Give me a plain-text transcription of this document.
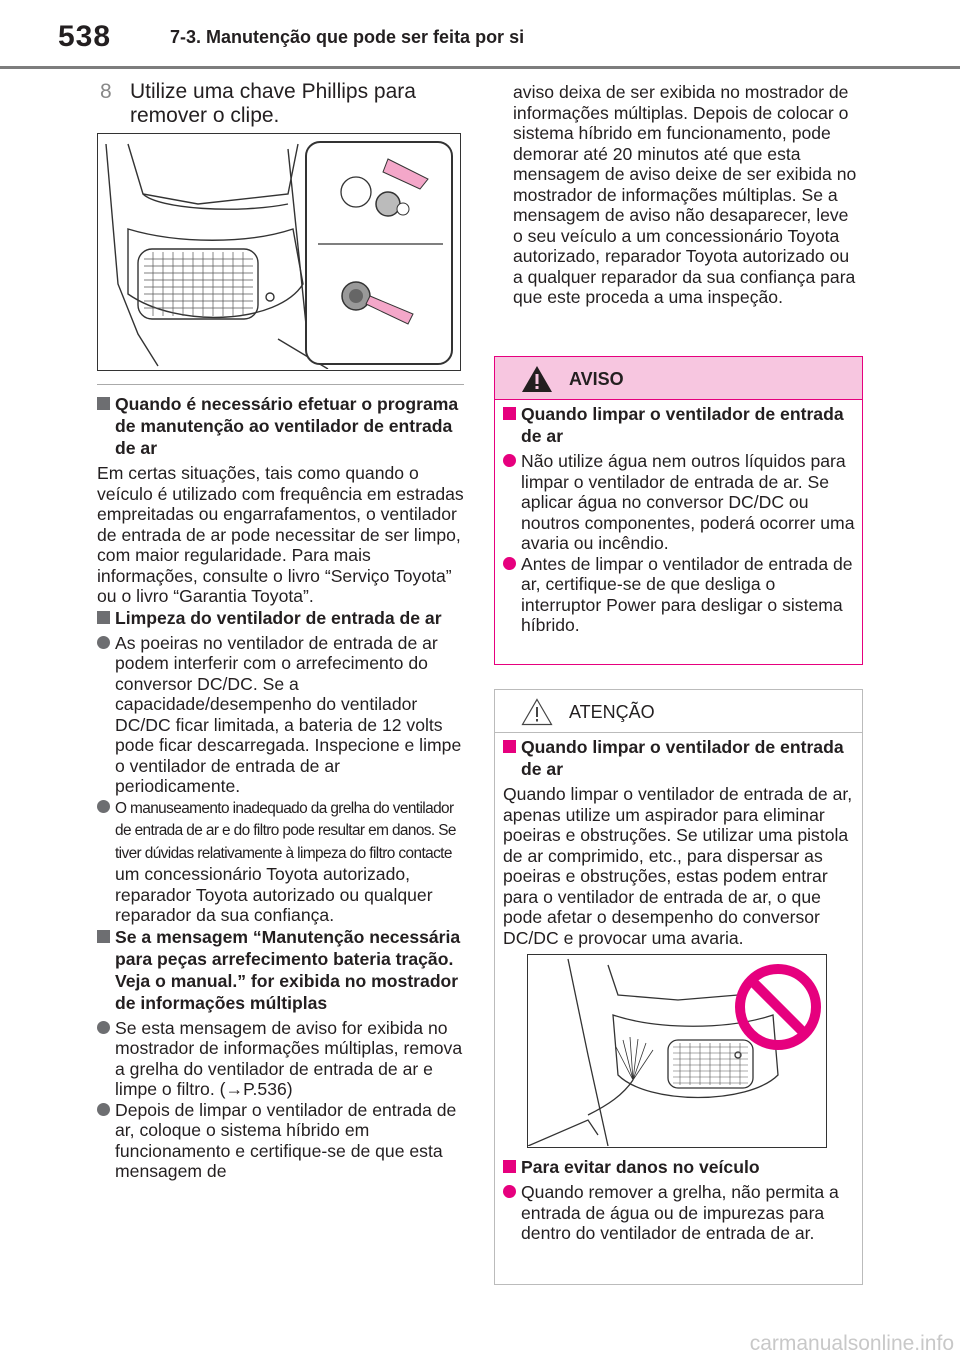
538	7-3. Manutenção que pode ser feita por si
8 Utilize uma chave Phillips para remover o clipe.
Quando é necessário efetuar o programa de manutenção ao ventilador de entrada de ar
Em certas situações, tais como quando o veículo é utilizado com frequência em estradas empreitadas ou engarrafamentos, o ventilador de entrada de ar pode necessitar de ser limpo, com maior regularidade. Para mais informações, consulte o livro “Serviço Toyota” ou o livro “Garantia Toyota”.
Limpeza do ventilador de entrada de ar
As poeiras no ventilador de entrada de ar podem interferir com o arrefecimento do conversor DC/DC. Se a capacidade/desempenho do ventilador DC/DC ficar limitada, a bateria de 12 volts pode ficar descarregada. Inspecione e limpe o ventilador de entrada de ar periodicamente.
O manuseamento inadequado da grelha do ventilador de entrada de ar e do filtro pode resultar em danos. Se tiver dúvidas relativamente à limpeza do filtro contacte um concessionário Toyota autorizado, reparador Toyota autorizado ou qualquer reparador da sua confiança.
Se a mensagem “Manutenção necessária para peças arrefecimento bateria tração. Veja o manual.” for exibida no mostrador de informações múltiplas
Se esta mensagem de aviso for exibida no mostrador de informações múltiplas, remova a grelha do ventilador de entrada de ar e limpe o filtro. (→P.536)
Depois de limpar o ventilador de entrada de ar, coloque o sistema híbrido em funcionamento e certifique-se de que esta mensagem de
aviso deixa de ser exibida no mostrador de informações múltiplas. Depois de colocar o sistema híbrido em funcionamento, pode demorar até 20 minutos até que esta mensagem de aviso deixe de ser exibida no mostrador de informações múltiplas. Se a mensagem de aviso não desaparecer, leve o seu veículo a um concessionário Toyota autorizado, reparador Toyota autorizado ou a qualquer reparador da sua confiança para que este proceda a uma inspeção.
AVISO
Quando limpar o ventilador de entrada de ar
Não utilize água nem outros líquidos para limpar o ventilador de entrada de ar. Se aplicar água no conversor DC/DC ou noutros componentes, poderá ocorrer uma avaria ou incêndio.
Antes de limpar o ventilador de entrada de ar, certifique-se de que desliga o interruptor Power para desligar o sistema híbrido.
ATENÇÃO
Quando limpar o ventilador de entrada de ar
Quando limpar o ventilador de entrada de ar, apenas utilize um aspirador para eliminar poeiras e obstruções. Se utilizar uma pistola de ar comprimido, etc., para dispersar as poeiras e obstruções, estas podem entrar para o ventilador de entrada de ar, o que pode afetar o desempenho do conversor DC/DC e provocar uma avaria.
Para evitar danos no veículo
Quando remover a grelha, não permita a entrada de água ou de impurezas para dentro do ventilador de entrada de ar.
carmanualsonline.info
